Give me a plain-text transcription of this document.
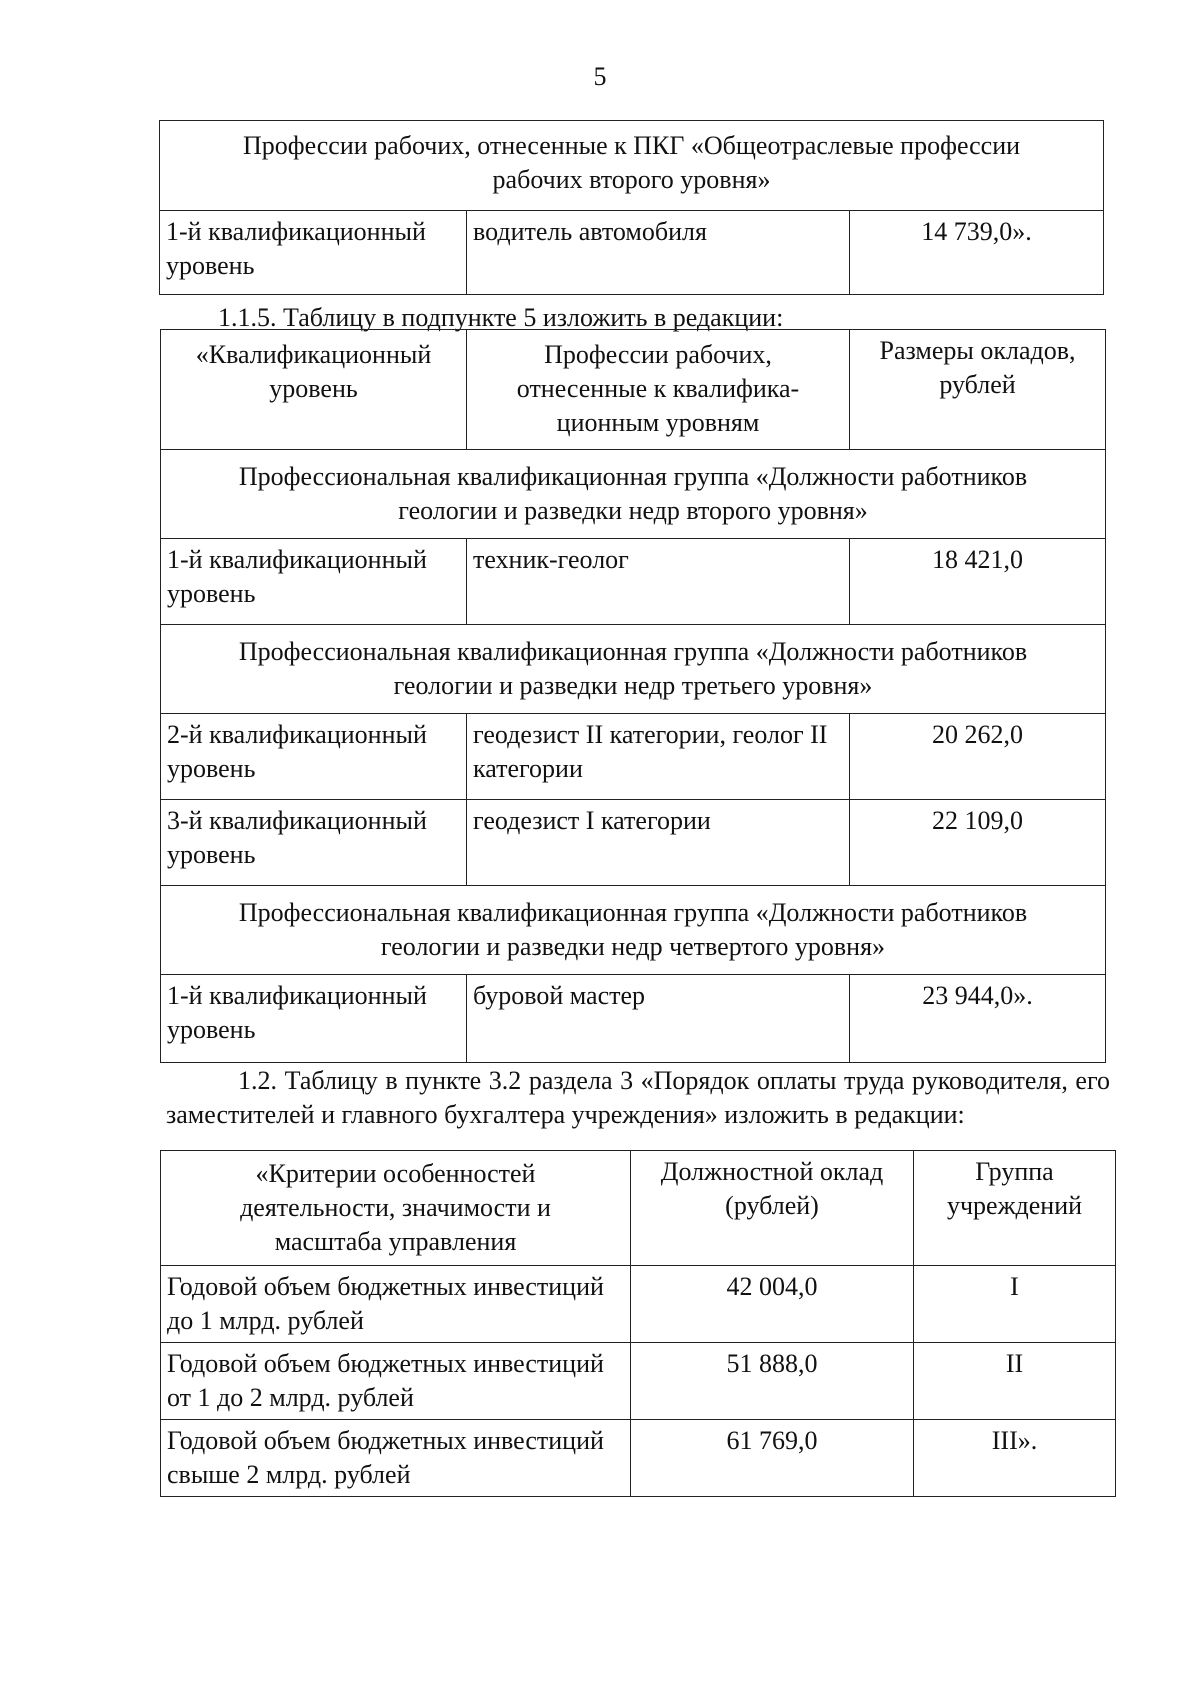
5
Профессии рабочих, отнесенные к ПКГ «Общеотраслевые профессии рабочих второго уровня»
1-й квалификационный уровень	водитель автомобиля	14 739,0».
1.1.5. Таблицу в подпункте 5 изложить в редакции:
«Квалификационный уровень	Профессии рабочих, отнесенные к квалифика-ционным уровням	Размеры окладов, рублей
Профессиональная квалификационная группа «Должности работников геологии и разведки недр второго уровня»		
1-й квалификационный уровень	техник-геолог	18 421,0
Профессиональная квалификационная группа «Должности работников геологии и разведки недр третьего уровня»		
2-й квалификационный уровень	геодезист II категории, геолог II категории	20 262,0
3-й квалификационный уровень	геодезист I категории	22 109,0
Профессиональная квалификационная группа «Должности работников геологии и разведки недр четвертого уровня»		
1-й квалификационный уровень	буровой мастер	23 944,0».
1.2. Таблицу в пункте 3.2 раздела 3 «Порядок оплаты труда руководителя, его заместителей и главного бухгалтера учреждения» изложить в редакции:
«Критерии особенностей деятельности, значимости и масштаба управления	Должностной оклад (рублей)	Группа учреждений
Годовой объем бюджетных инвестиций до 1 млрд. рублей	42 004,0	I
Годовой объем бюджетных инвестиций от 1 до 2 млрд. рублей	51 888,0	II
Годовой объем бюджетных инвестиций свыше 2 млрд. рублей	61 769,0	III».
